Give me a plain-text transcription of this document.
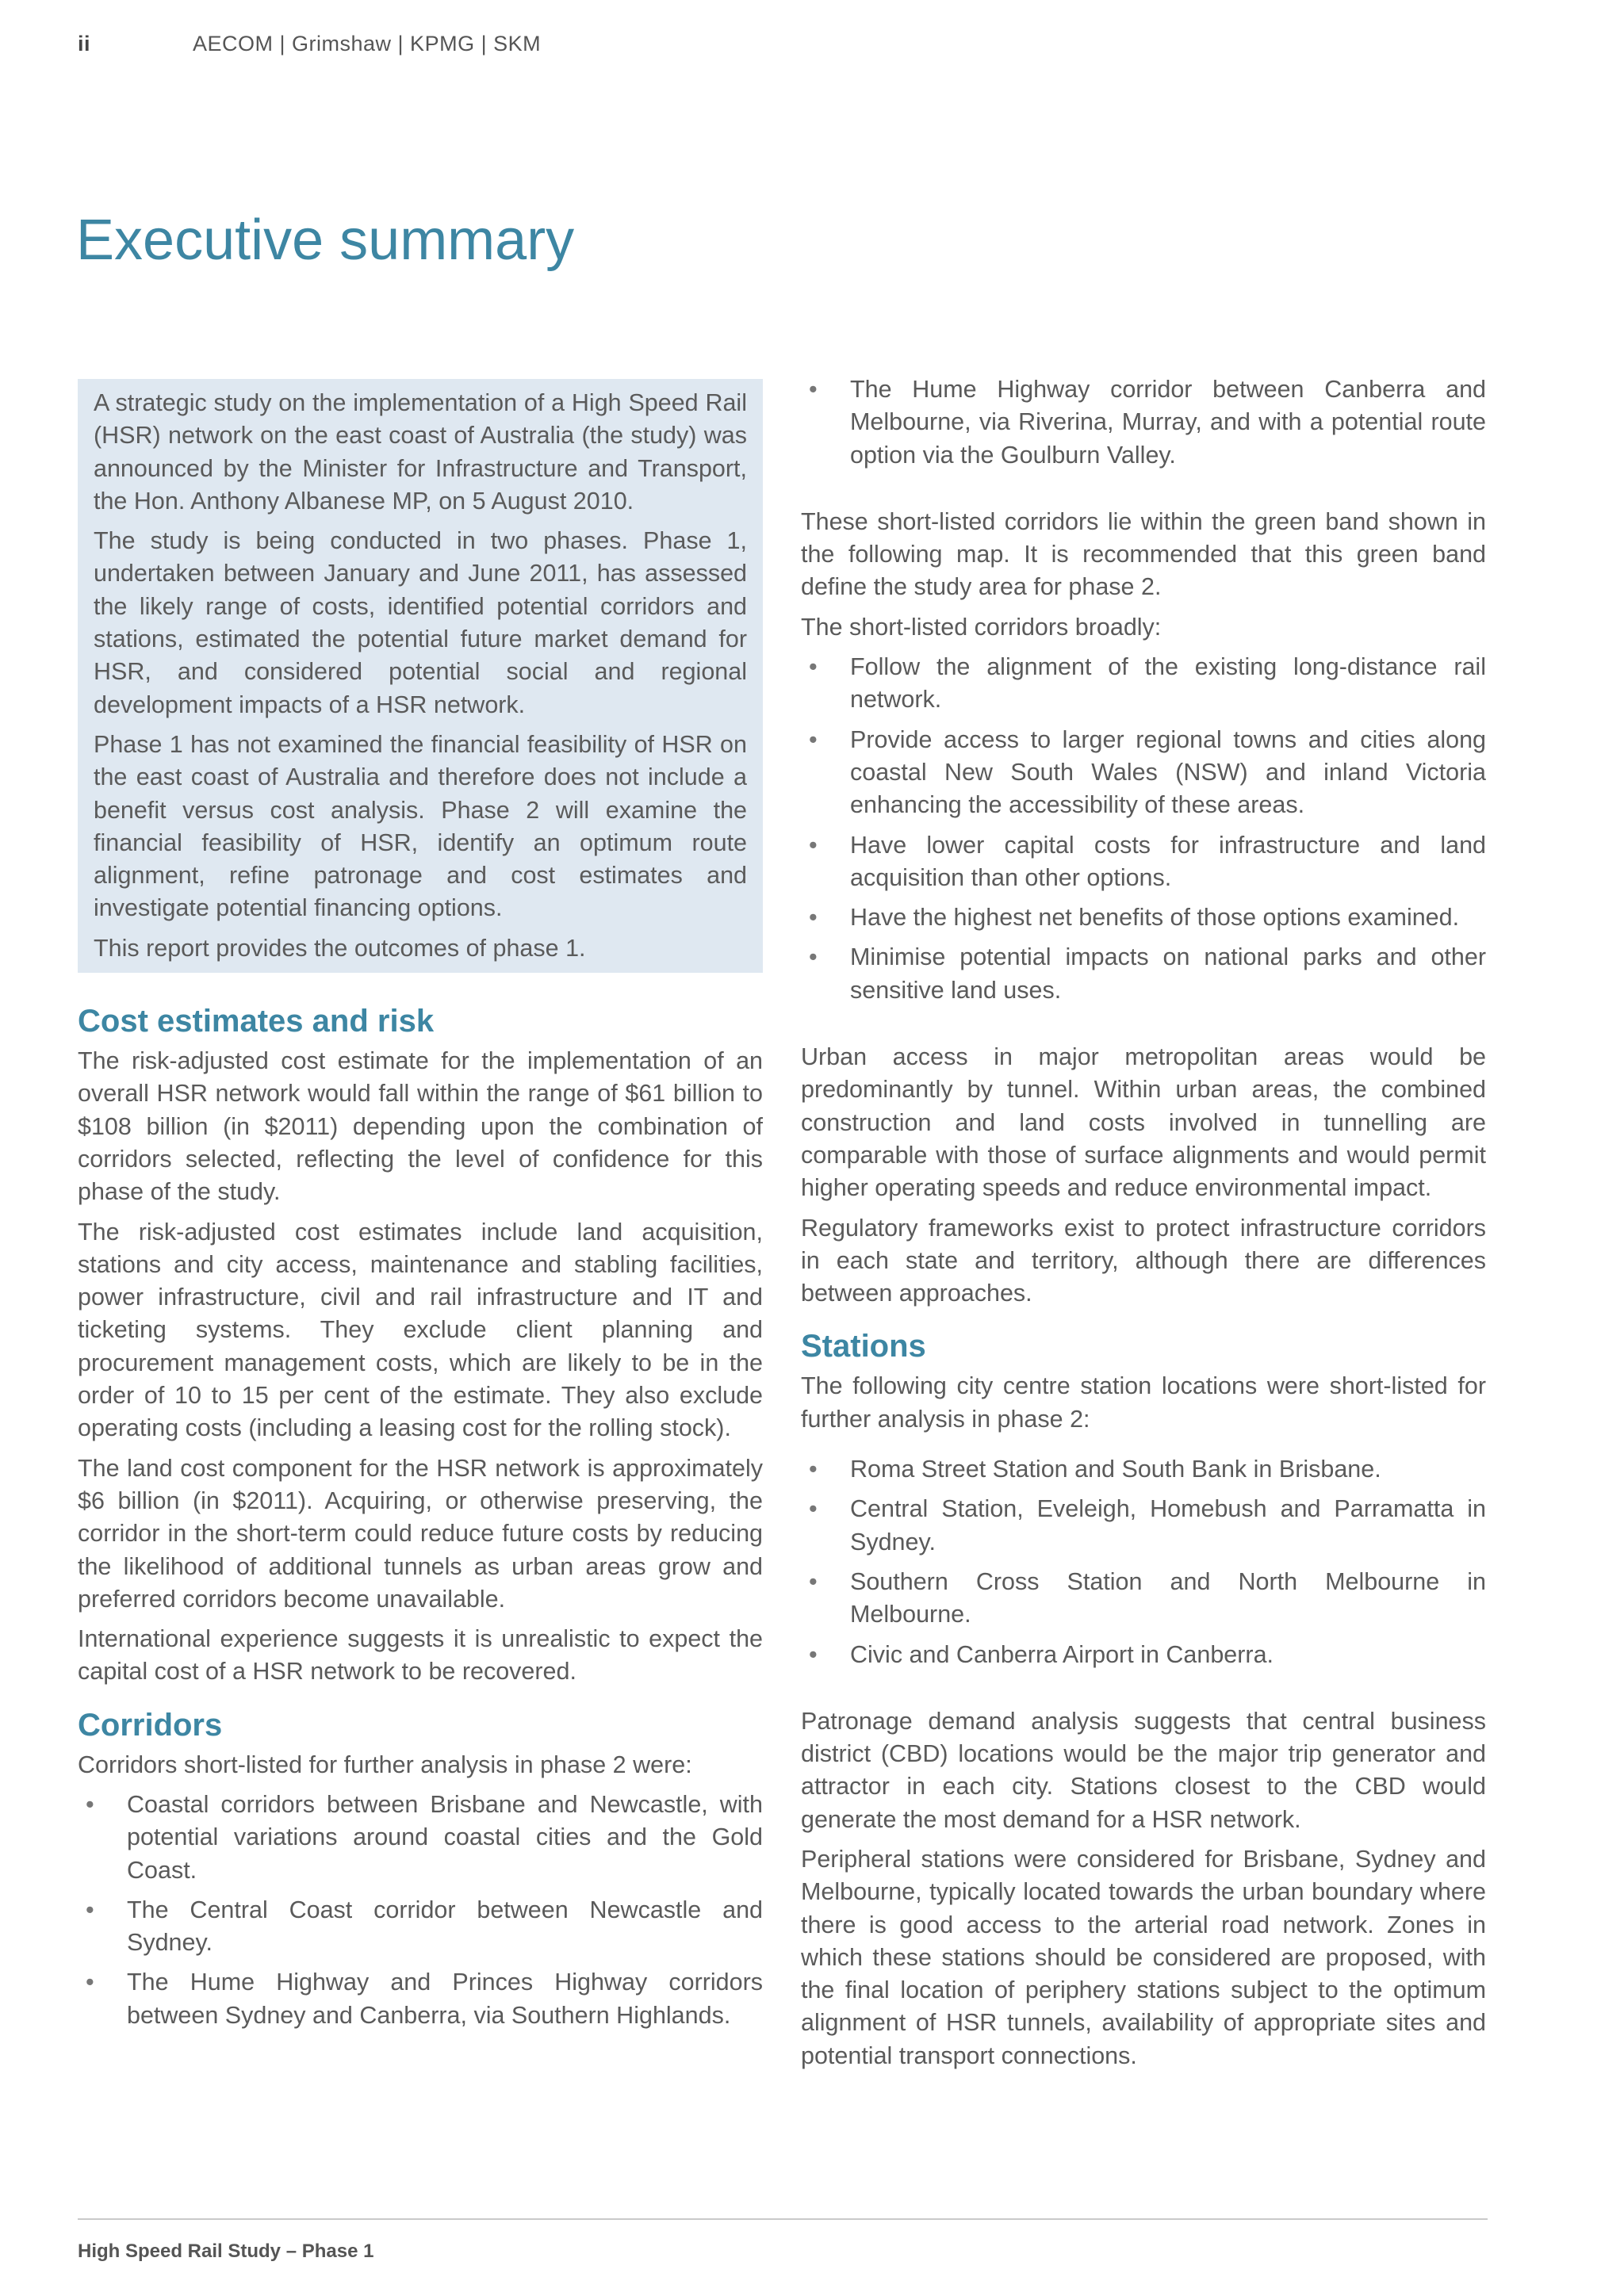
ii	AECOM | Grimshaw | KPMG | SKM
Executive summary

A strategic study on the implementation of a High Speed Rail (HSR) network on the east coast of Australia (the study) was announced by the Minister for Infrastructure and Transport, the Hon. Anthony Albanese MP, on 5 August 2010.

The study is being conducted in two phases. Phase 1, undertaken between January and June 2011, has assessed the likely range of costs, identified potential corridors and stations, estimated the potential future market demand for HSR, and considered potential social and regional development impacts of a HSR network.

Phase 1 has not examined the financial feasibility of HSR on the east coast of Australia and therefore does not include a benefit versus cost analysis. Phase 2 will examine the financial feasibility of HSR, identify an optimum route alignment, refine patronage and cost estimates and investigate potential financing options.

This report provides the outcomes of phase 1.

Cost estimates and risk

The risk-adjusted cost estimate for the implementation of an overall HSR network would fall within the range of $61 billion to $108 billion (in $2011) depending upon the combination of corridors selected, reflecting the level of confidence for this phase of the study.

The risk-adjusted cost estimates include land acquisition, stations and city access, maintenance and stabling facilities, power infrastructure, civil and rail infrastructure and IT and ticketing systems. They exclude client planning and procurement management costs, which are likely to be in the order of 10 to 15 per cent of the estimate. They also exclude operating costs (including a leasing cost for the rolling stock).

The land cost component for the HSR network is approximately $6 billion (in $2011). Acquiring, or otherwise preserving, the corridor in the short-term could reduce future costs by reducing the likelihood of additional tunnels as urban areas grow and preferred corridors become unavailable.

International experience suggests it is unrealistic to expect the capital cost of a HSR network to be recovered.

Corridors

Corridors short-listed for further analysis in phase 2 were:

• Coastal corridors between Brisbane and Newcastle, with potential variations around coastal cities and the Gold Coast.
• The Central Coast corridor between Newcastle and Sydney.
• The Hume Highway and Princes Highway corridors between Sydney and Canberra, via Southern Highlands.
• The Hume Highway corridor between Canberra and Melbourne, via Riverina, Murray, and with a potential route option via the Goulburn Valley.

These short-listed corridors lie within the green band shown in the following map. It is recommended that this green band define the study area for phase 2.

The short-listed corridors broadly:

• Follow the alignment of the existing long-distance rail network.
• Provide access to larger regional towns and cities along coastal New South Wales (NSW) and inland Victoria enhancing the accessibility of these areas.
• Have lower capital costs for infrastructure and land acquisition than other options.
• Have the highest net benefits of those options examined.
• Minimise potential impacts on national parks and other sensitive land uses.

Urban access in major metropolitan areas would be predominantly by tunnel. Within urban areas, the combined construction and land costs involved in tunnelling are comparable with those of surface alignments and would permit higher operating speeds and reduce environmental impact.

Regulatory frameworks exist to protect infrastructure corridors in each state and territory, although there are differences between approaches.

Stations

The following city centre station locations were short-listed for further analysis in phase 2:

• Roma Street Station and South Bank in Brisbane.
• Central Station, Eveleigh, Homebush and Parramatta in Sydney.
• Southern Cross Station and North Melbourne in Melbourne.
• Civic and Canberra Airport in Canberra.

Patronage demand analysis suggests that central business district (CBD) locations would be the major trip generator and attractor in each city. Stations closest to the CBD would generate the most demand for a HSR network.

Peripheral stations were considered for Brisbane, Sydney and Melbourne, typically located towards the urban boundary where there is good access to the arterial road network. Zones in which these stations should be considered are proposed, with the final location of periphery stations subject to the optimum alignment of HSR tunnels, availability of appropriate sites and potential transport connections.

High Speed Rail Study – Phase 1
